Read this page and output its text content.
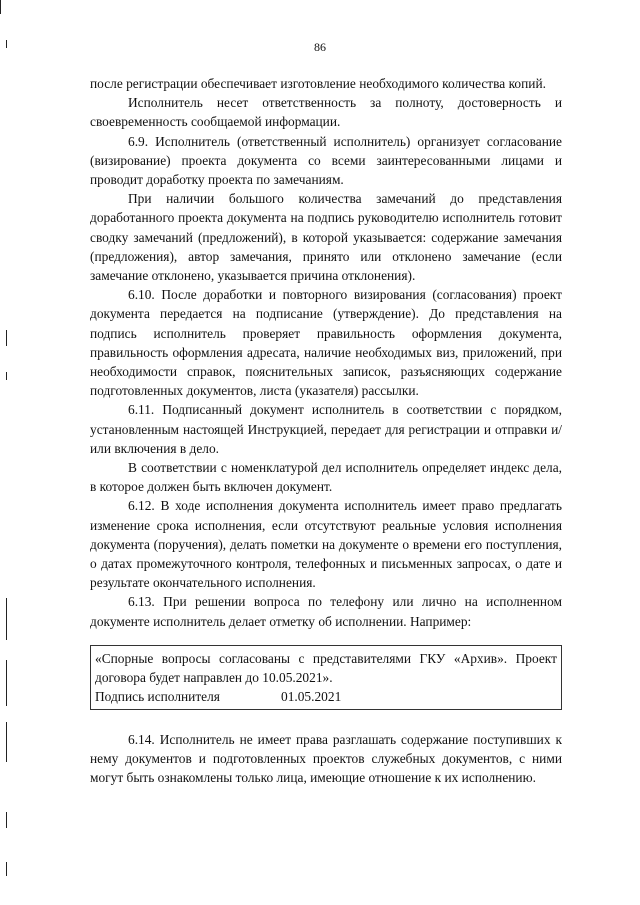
86

после регистрации обеспечивает изготовление необходимого количества копий.

Исполнитель несет ответственность за полноту, достоверность и своевременность сообщаемой информации.

6.9. Исполнитель (ответственный исполнитель) организует согласование (визирование) проекта документа со всеми заинтересованными лицами и проводит доработку проекта по замечаниям.

При наличии большого количества замечаний до представления доработанного проекта документа на подпись руководителю исполнитель готовит сводку замечаний (предложений), в которой указывается: содержание замечания (предложения), автор замечания, принято или отклонено замечание (если замечание отклонено, указывается причина отклонения).

6.10. После доработки и повторного визирования (согласования) проект документа передается на подписание (утверждение). До представления на подпись исполнитель проверяет правильность оформления документа, правильность оформления адресата, наличие необходимых виз, приложений, при необходимости справок, пояснительных записок, разъясняющих содержание подготовленных документов, листа (указателя) рассылки.

6.11. Подписанный документ исполнитель в соответствии с порядком, установленным настоящей Инструкцией, передает для регистрации и отправки и/или включения в дело.

В соответствии с номенклатурой дел исполнитель определяет индекс дела, в которое должен быть включен документ.

6.12. В ходе исполнения документа исполнитель имеет право предлагать изменение срока исполнения, если отсутствуют реальные условия исполнения документа (поручения), делать пометки на документе о времени его поступления, о датах промежуточного контроля, телефонных и письменных запросах, о дате и результате окончательного исполнения.

6.13. При решении вопроса по телефону или лично на исполненном документе исполнитель делает отметку об исполнении. Например:

«Спорные вопросы согласованы с представителями ГКУ «Архив». Проект договора будет направлен до 10.05.2021».

Подпись исполнителя	01.05.2021

6.14. Исполнитель не имеет права разглашать содержание поступивших к нему документов и подготовленных проектов служебных документов, с ними могут быть ознакомлены только лица, имеющие отношение к их исполнению.
